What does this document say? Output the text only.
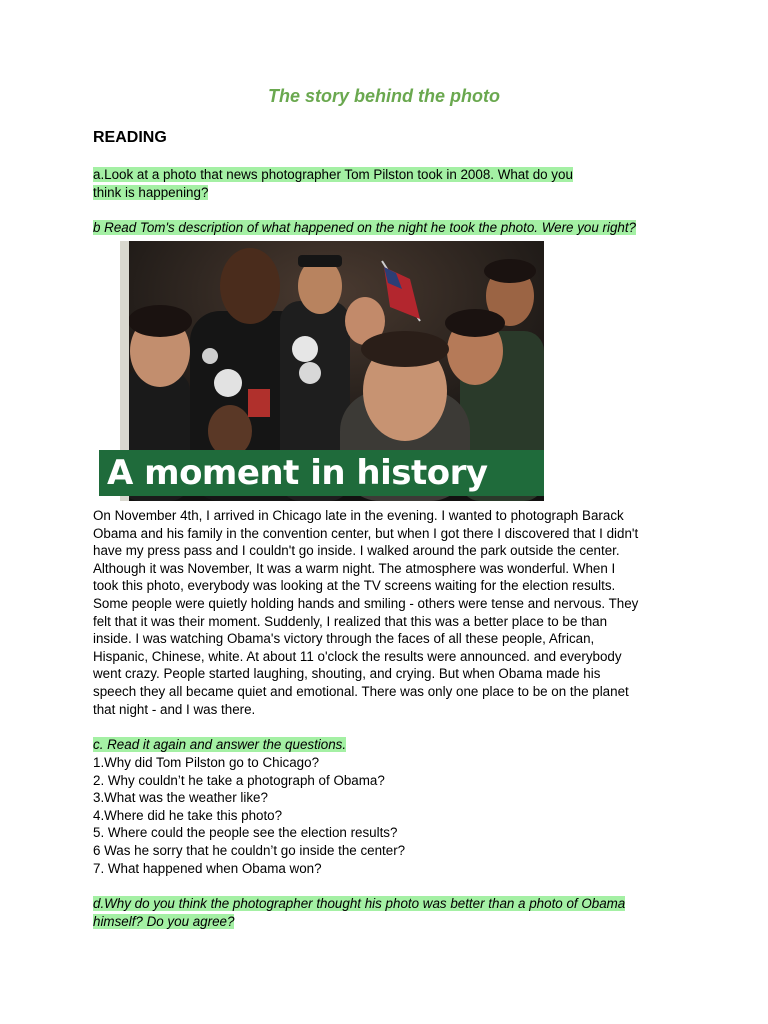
The story behind the photo
READING
a.Look at a photo that news photographer Tom Pilston took in 2008. What do you
think is happening?
b Read Tom's description of what happened on the night he took the photo. Were you right?
A moment in history
On November 4th, I arrived in Chicago late in the evening. I wanted to photograph Barack
Obama and his family in the convention center, but when I got there I discovered that I didn't
have my press pass and I couldn't go inside. I walked around the park outside the center.
Although it was November, It was a warm night. The atmosphere was wonderful. When I
took this photo, everybody was looking at the TV screens waiting for the election results.
Some people were quietly holding hands and smiling - others were tense and nervous. They
felt that it was their moment. Suddenly, I realized that this was a better place to be than
inside. I was watching Obama's victory through the faces of all these people, African,
Hispanic, Chinese, white. At about 11 o'clock the results were announced. and everybody
went crazy. People started laughing, shouting, and crying. But when Obama made his
speech they all became quiet and emotional. There was only one place to be on the planet
that night - and I was there.
c. Read it again and answer the questions.
1.Why did Tom Pilston go to Chicago?
2. Why couldn’t he take a photograph of Obama?
3.What was the weather like?
4.Where did he take this photo?
5. Where could the people see the election results?
6 Was he sorry that he couldn’t go inside the center?
7. What happened when Obama won?
d.Why do you think the photographer thought his photo was better than a photo of Obama
himself? Do you agree?
